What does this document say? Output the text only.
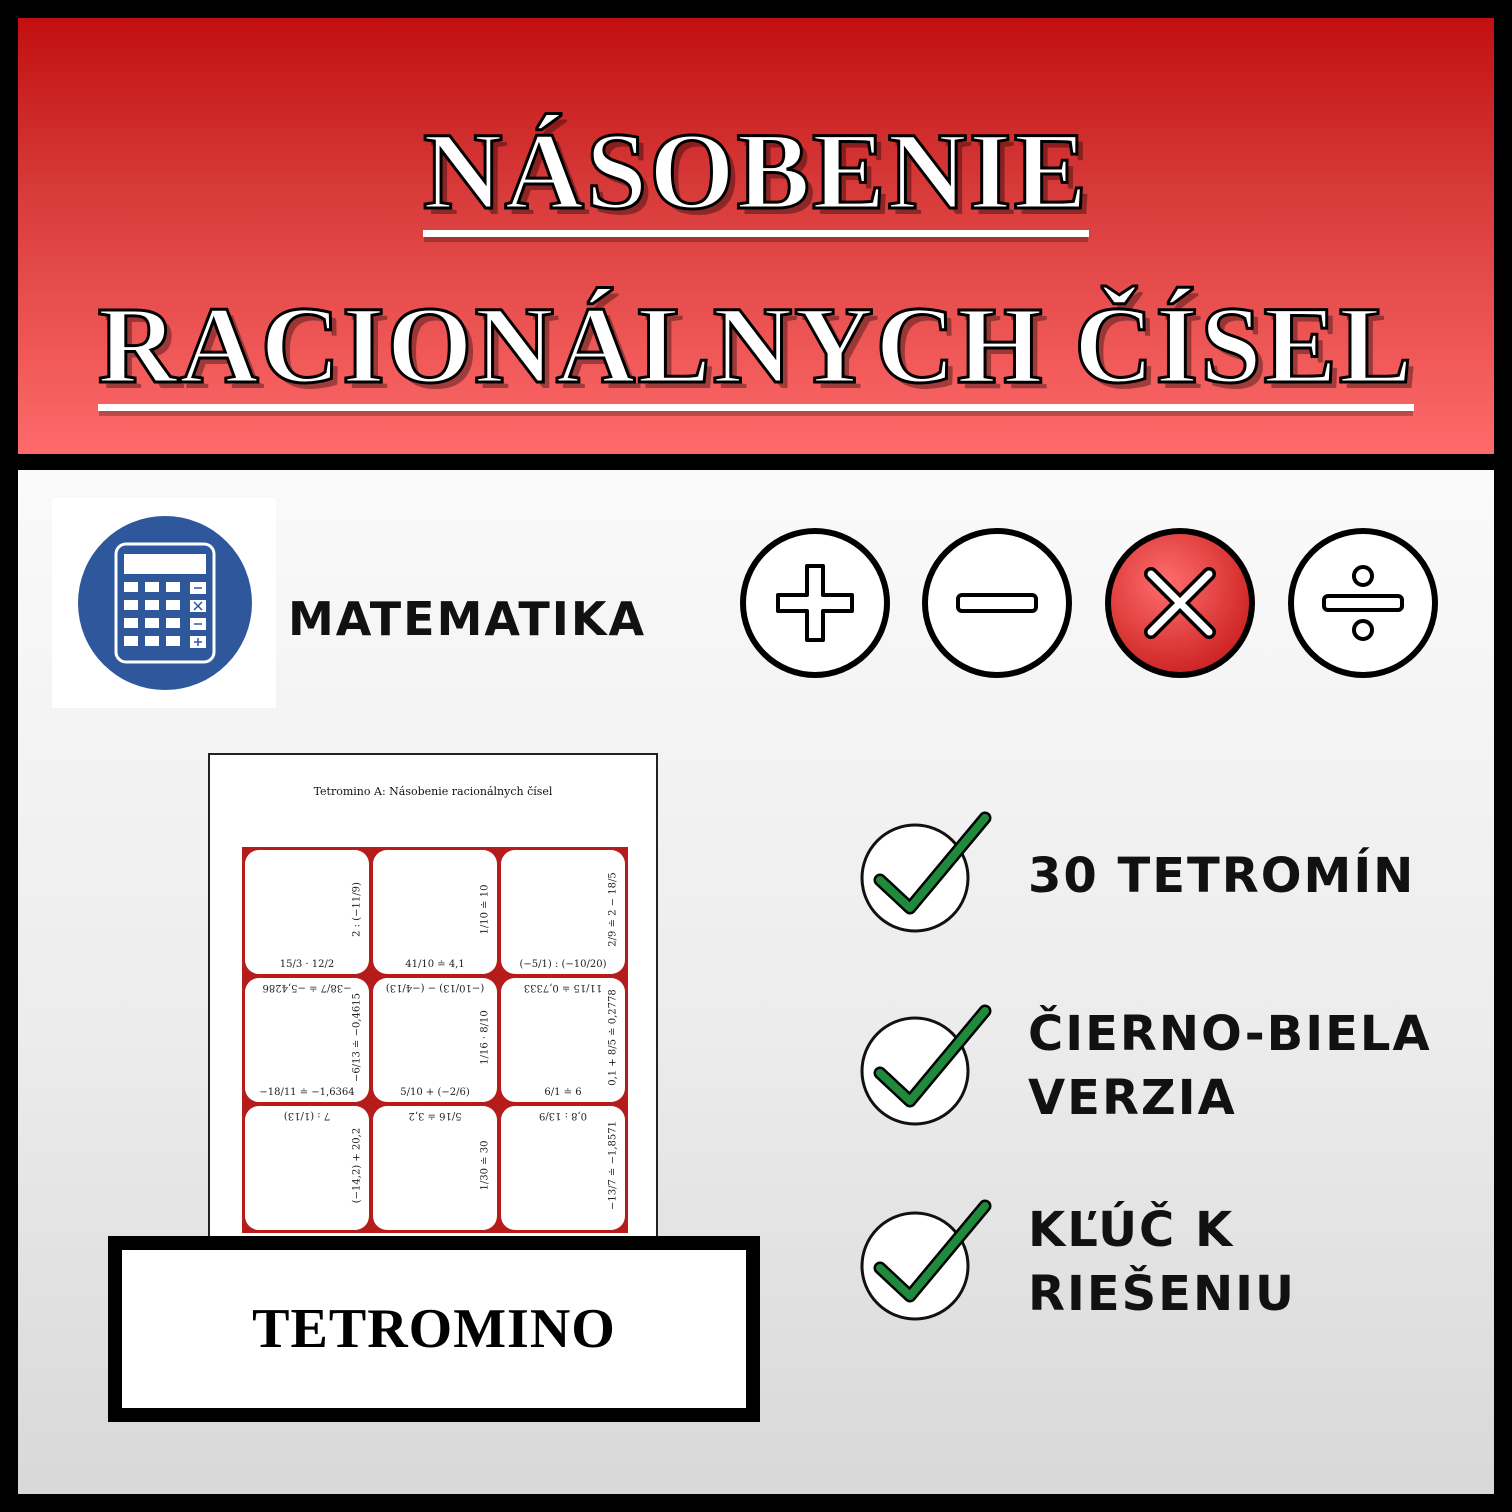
NÁSOBENIE
RACIONÁLNYCH ČÍSEL
MATEMATIKA
Tetromino A: Násobenie racionálnych čísel
15/3 · 12/2
2 : (−11/9)
41/10 ≐ 4,1
1/10 ≐ 10
(−5/1) : (−10/20)
2/9 ≐ 2 − 18/5
−18/11 ≐ −1,6364
−38/7 ≐ −5,4286
−6/13 ≐ −0,4615
5/10 + (−2/6)
(−10/13) − (−4/13)
1/16 · 8/10
6/1 ≐ 6
11/15 ≐ 0,7333
0,1 + 8/5 ≐ 0,2778
7 : (1/13)
(−14,2) + 20,2
5/16 ≐ 3,2
1/30 ≐ 30
0,8 : 13/9
−13/7 ≐ −1,8571
TETROMINO
30 TETROMÍN
ČIERNO-BIELA
VERZIA
KĽÚČ K
RIEŠENIU
